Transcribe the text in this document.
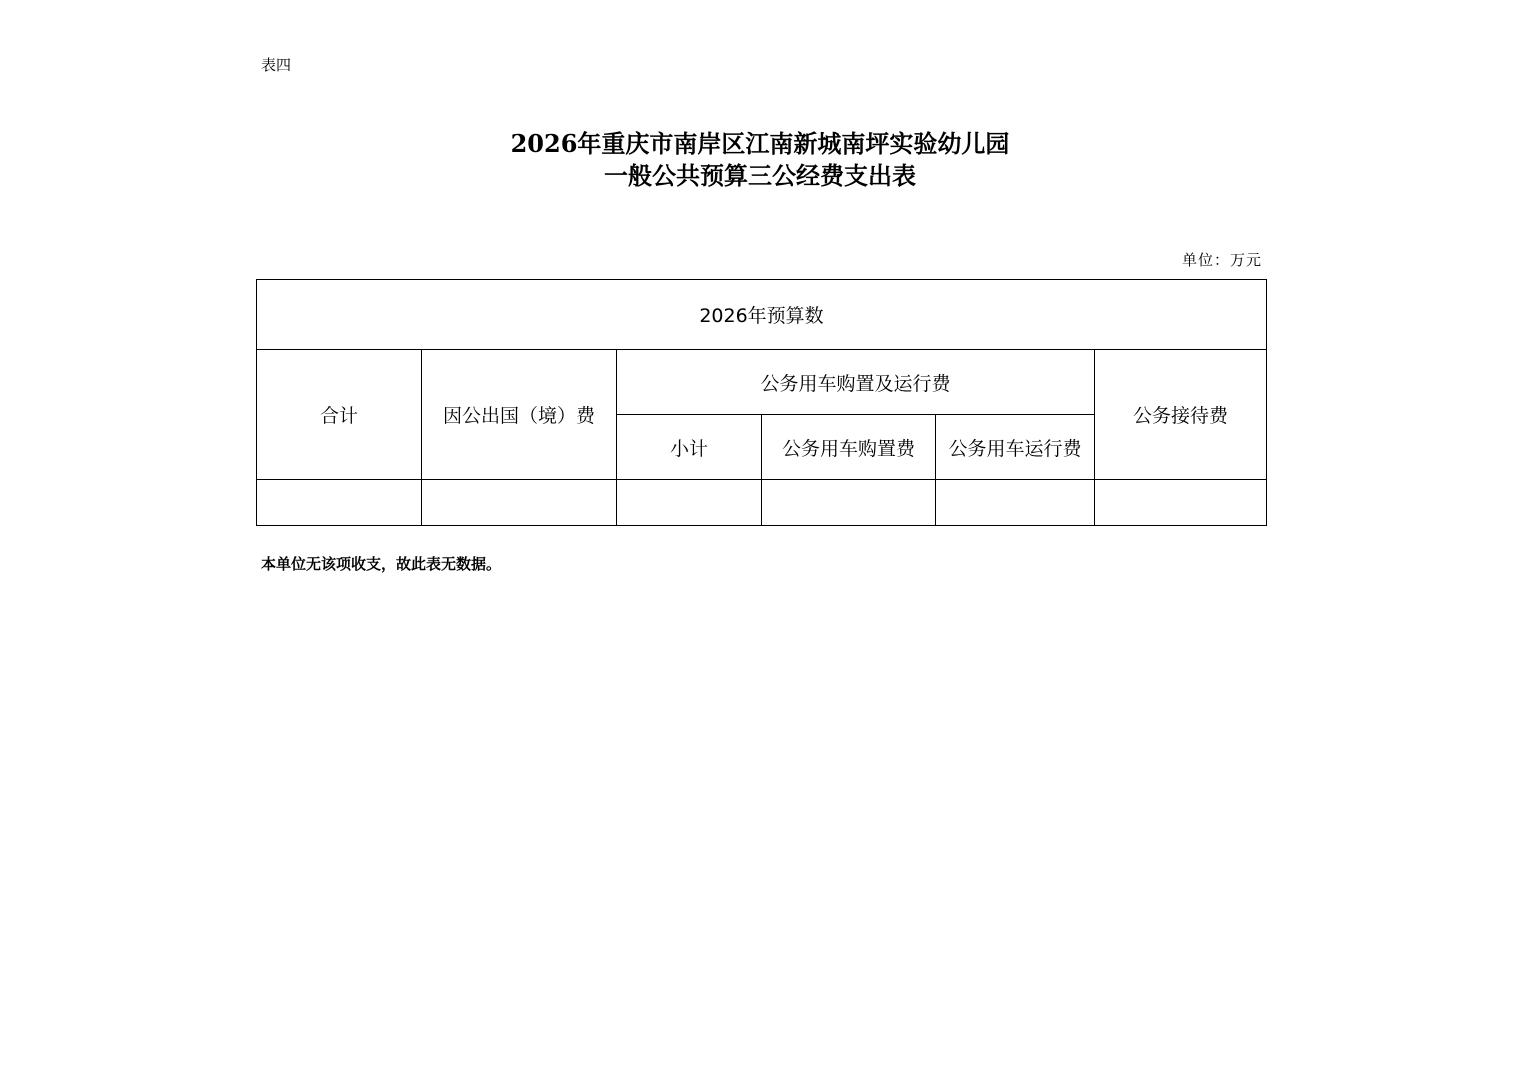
表四
2026年重庆市南岸区江南新城南坪实验幼儿园
一般公共预算三公经费支出表
单位：万元
2026年预算数					
合计	因公出国（境）费	公务用车购置及运行费			公务接待费
		小计	公务用车购置费	公务用车运行费	

本单位无该项收支，故此表无数据。
